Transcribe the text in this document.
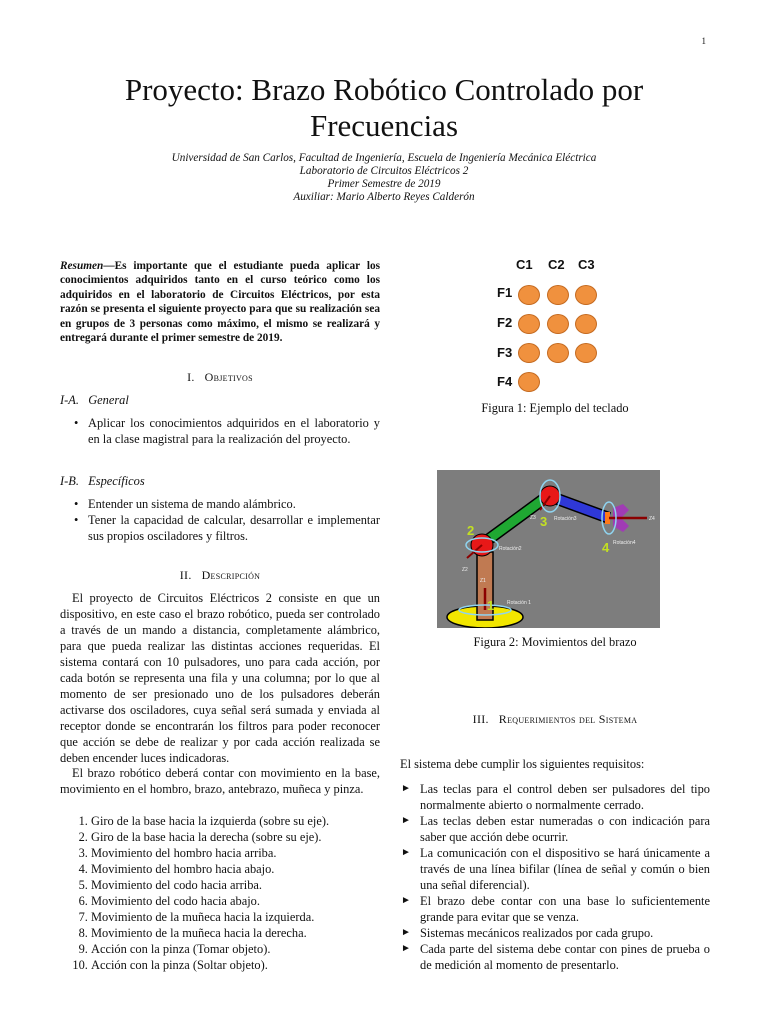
1
Proyecto: Brazo Robótico Controlado por Frecuencias
Universidad de San Carlos, Facultad de Ingeniería, Escuela de Ingeniería Mecánica Eléctrica
Laboratorio de Circuitos Eléctricos 2
Primer Semestre de 2019
Auxiliar: Mario Alberto Reyes Calderón
Resumen—Es importante que el estudiante pueda aplicar los conocimientos adquiridos tanto en el curso teórico como los adquiridos en el laboratorio de Circuitos Eléctricos, por esta razón se presenta el siguiente proyecto para que su realización sea en grupos de 3 personas como máximo, el mismo se realizará y entregará durante el primer semestre de 2019.
I. Objetivos
I-A. General
• Aplicar los conocimientos adquiridos en el laboratorio y en la clase magistral para la realización del proyecto.
I-B. Específicos
• Entender un sistema de mando alámbrico.
• Tener la capacidad de calcular, desarrollar e implementar sus propios osciladores y filtros.
II. Descripción

El proyecto de Circuitos Eléctricos 2 consiste en que un dispositivo, en este caso el brazo robótico, pueda ser controlado a través de un mando a distancia, completamente alámbrico, para que pueda realizar las distintas acciones requeridas. El sistema contará con 10 pulsadores, uno para cada acción, por cada botón se representa una fila y una columna; por lo que al momento de ser presionado uno de los pulsadores deberán activarse dos osciladores, cuya señal será sumada y enviada al receptor donde se encontrarán los filtros para poder reconocer que acción se debe de realizar y por cada acción realizada se deben encender luces indicadoras.

El brazo robótico deberá contar con movimiento en la base, movimiento en el hombro, brazo, antebrazo, muñeca y pinza.

1. Giro de la base hacia la izquierda (sobre su eje).
2. Giro de la base hacia la derecha (sobre su eje).
3. Movimiento del hombro hacia arriba.
4. Movimiento del hombro hacia abajo.
5. Movimiento del codo hacia arriba.
6. Movimiento del codo hacia abajo.
7. Movimiento de la muñeca hacia la izquierda.
8. Movimiento de la muñeca hacia la derecha.
9. Acción con la pinza (Tomar objeto).
10. Acción con la pinza (Soltar objeto).
C1 C2 C3
F1
F2
F3
F4
Figura 1: Ejemplo del teclado
1
2
3
4
Rotación 1
Rotación2
Rotación3
Rotación4
Z1
Z2
Z3	Z4
Figura 2: Movimientos del brazo
III. Requerimientos del Sistema
El sistema debe cumplir los siguientes requisitos:
► Las teclas para el control deben ser pulsadores del tipo normalmente abierto o normalmente cerrado.
► Las teclas deben estar numeradas o con indicación para saber que acción debe ocurrir.
► La comunicación con el dispositivo se hará únicamente a través de una línea bifilar (línea de señal y común o bien una señal diferencial).
► El brazo debe contar con una base lo suficientemente grande para evitar que se venza.
► Sistemas mecánicos realizados por cada grupo.
► Cada parte del sistema debe contar con pines de prueba o de medición al momento de presentarlo.
